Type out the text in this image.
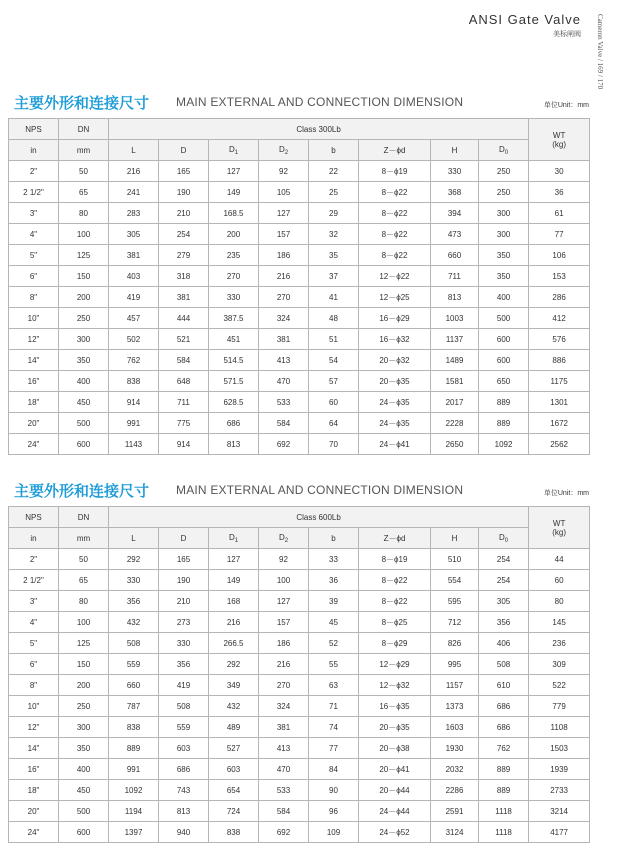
ANSI Gate Valve
美标闸阀 Cameron Valve / 169 / 170
主要外形和连接尺寸 MAIN EXTERNAL AND CONNECTION DIMENSION	单位Unit：mm
NPS	DN	Class 300Lb								WT
(kg)

in	mm	L	D	$D_1$	$D_2$	b	Z－ϕd	H	$D_0$
2"	50	216	165	127	92	22	8－ϕ19	330	250	30
2 1/2"	65	241	190	149	105	25	8－ϕ22	368	250	36
3"	80	283	210	168.5	127	29	8－ϕ22	394	300	61
4"	100	305	254	200	157	32	8－ϕ22	473	300	77
5"	125	381	279	235	186	35	8－ϕ22	660	350	106
6"	150	403	318	270	216	37	12－ϕ22	711	350	153
8"	200	419	381	330	270	41	12－ϕ25	813	400	286
10"	250	457	444	387.5	324	48	16－ϕ29	1003	500	412
12"	300	502	521	451	381	51	16－ϕ32	1137	600	576
14"	350	762	584	514.5	413	54	20－ϕ32	1489	600	886
16"	400	838	648	571.5	470	57	20－ϕ35	1581	650	1175
18"	450	914	711	628.5	533	60	24－ϕ35	2017	889	1301
20"	500	991	775	686	584	64	24－ϕ35	2228	889	1672
24"	600	1143	914	813	692	70	24－ϕ41	2650	1092	2562
主要外形和连接尺寸 MAIN EXTERNAL AND CONNECTION DIMENSION	单位Unit：mm
NPS	DN	Class 600Lb								WT
(kg)

in	mm	L	D	$D_1$	$D_2$	b	Z－ϕd	H	$D_0$
2"	50	292	165	127	92	33	8－ϕ19	510	254	44
2 1/2"	65	330	190	149	100	36	8－ϕ22	554	254	60
3"	80	356	210	168	127	39	8－ϕ22	595	305	80
4"	100	432	273	216	157	45	8－ϕ25	712	356	145
5"	125	508	330	266.5	186	52	8－ϕ29	826	406	236
6"	150	559	356	292	216	55	12－ϕ29	995	508	309
8"	200	660	419	349	270	63	12－ϕ32	1157	610	522
10"	250	787	508	432	324	71	16－ϕ35	1373	686	779
12"	300	838	559	489	381	74	20－ϕ35	1603	686	1108
14"	350	889	603	527	413	77	20－ϕ38	1930	762	1503
16"	400	991	686	603	470	84	20－ϕ41	2032	889	1939
18"	450	1092	743	654	533	90	20－ϕ44	2286	889	2733
20"	500	1194	813	724	584	96	24－ϕ44	2591	1118	3214
24"	600	1397	940	838	692	109	24－ϕ52	3124	1118	4177
